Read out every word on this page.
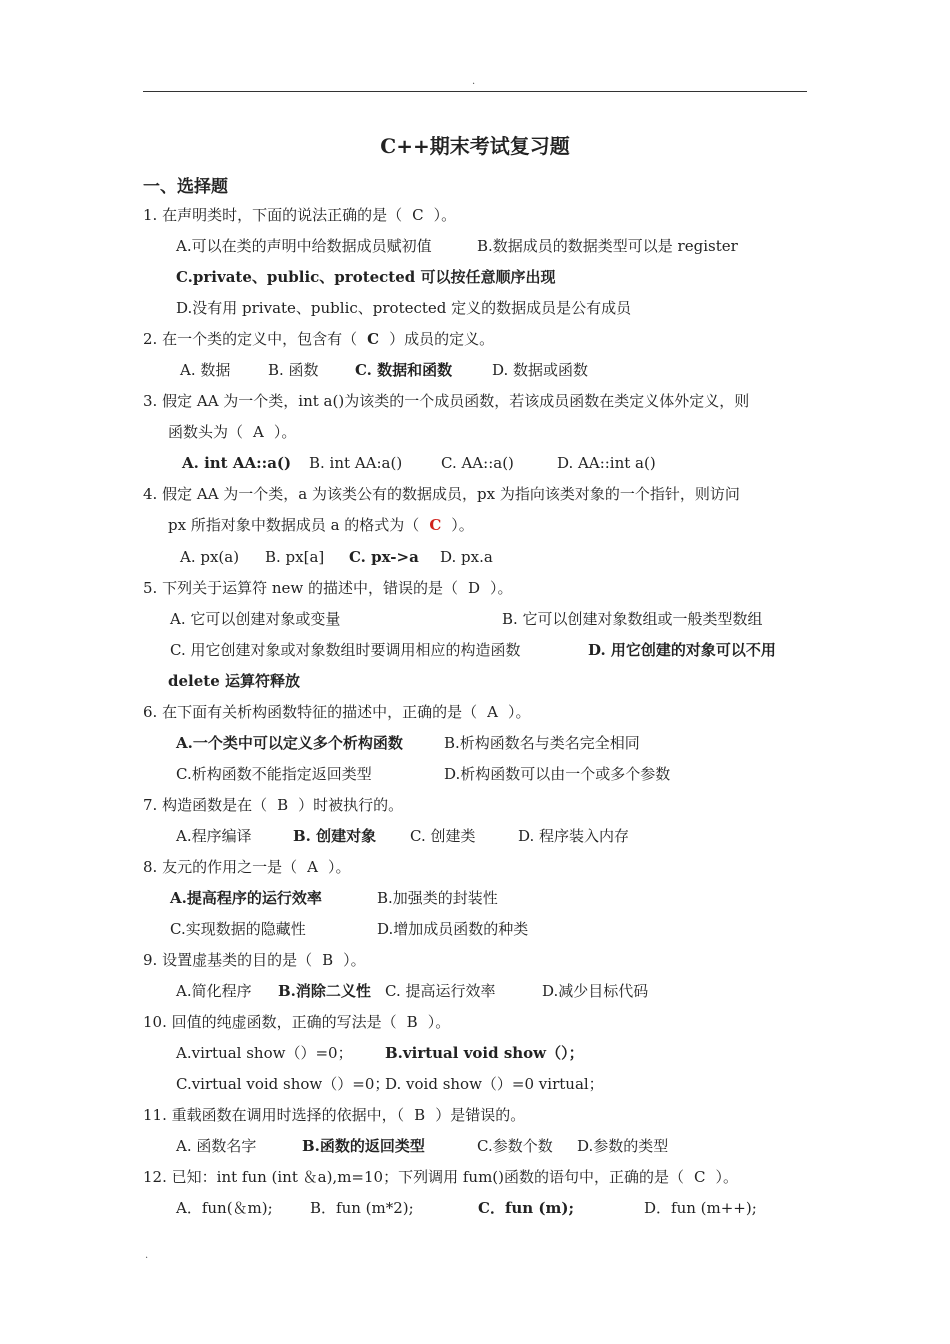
.
C++期末考试复习题
一、选择题
1. 在声明类时，下面的说法正确的是（ C ）。
A.可以在类的声明中给数据成员赋初值	B.数据成员的数据类型可以是 register
C.private、public、protected 可以按任意顺序出现
D.没有用 private、public、protected 定义的数据成员是公有成员
2. 在一个类的定义中，包含有（ C ）成员的定义。
A. 数据	B. 函数 C. 数据和函数	D. 数据或函数
3. 假定 AA 为一个类，int a()为该类的一个成员函数，若该成员函数在类定义体外定义，则
函数头为（ A ）。
A. int AA::a() B. int AA:a()	C. AA::a()	D. AA::int a()
4. 假定 AA 为一个类，a 为该类公有的数据成员，px 为指向该类对象的一个指针，则访问
px 所指对象中数据成员 a 的格式为（ C ）。
A. px(a) B. px[a] C. px->a D. px.a
5. 下列关于运算符 new 的描述中，错误的是（ D ）。
A. 它可以创建对象或变量	B. 它可以创建对象数组或一般类型数组
C. 用它创建对象或对象数组时要调用相应的构造函数	D. 用它创建的对象可以不用
delete 运算符释放
6. 在下面有关析构函数特征的描述中，正确的是（ A ）。
A.一个类中可以定义多个析构函数	B.析构函数名与类名完全相同
C.析构函数不能指定返回类型	D.析构函数可以由一个或多个参数
7. 构造函数是在（ B ）时被执行的。
A.程序编译	B. 创建对象 C. 创建类	D. 程序装入内存
8. 友元的作用之一是（ A ）。
A.提高程序的运行效率	B.加强类的封装性
C.实现数据的隐藏性	D.增加成员函数的种类
9. 设置虚基类的目的是（ B ）。
A.简化程序 B.消除二义性 C. 提高运行效率	D.减少目标代码
10. 回值的纯虚函数，正确的写法是（ B ）。
A.virtual show（）=0； B.virtual void show（）；
C.virtual void show（）=0；
D. void show（）=0 virtual；
11. 重载函数在调用时选择的依据中，（ B ）是错误的。
A. 函数名字	B.函数的返回类型	C.参数个数 D.参数的类型
12. 已知：int fun (int ＆a),m=10；下列调用 fum()函数的语句中，正确的是（ C ）。
A．fun(＆m); B．fun (m*2);	C．fun (m);	D．fun (m++);
.
